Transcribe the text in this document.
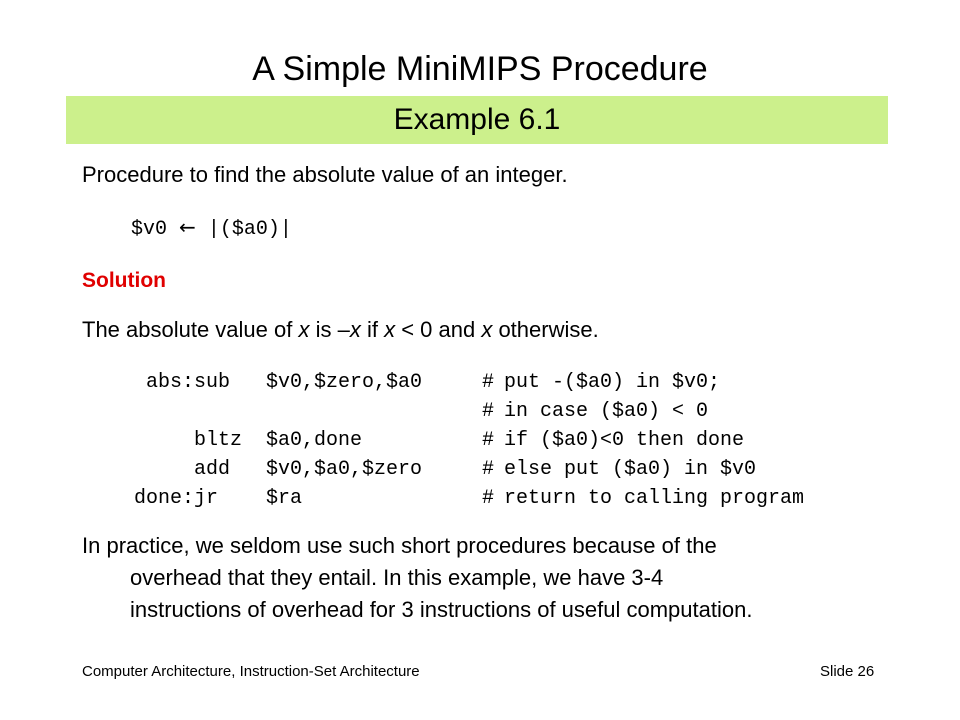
A Simple MiniMIPS Procedure
Example 6.1
Procedure to find the absolute value of an integer.
$v0 ← |($a0)|
Solution
The absolute value of x is –x if x < 0 and x otherwise.
abs:	sub	$v0,$zero,$a0	#	put -($a0) in $v0;
			#	in case ($a0) < 0
	bltz	$a0,done	#	if ($a0)<0 then done
	add	$v0,$a0,$zero	#	else put ($a0) in $v0
done:	jr	$ra	#	return to calling program
In practice, we seldom use such short procedures because of the
overhead that they entail. In this example, we have 3-4
instructions of overhead for 3 instructions of useful computation.
Computer Architecture, Instruction-Set Architecture	Slide 26
